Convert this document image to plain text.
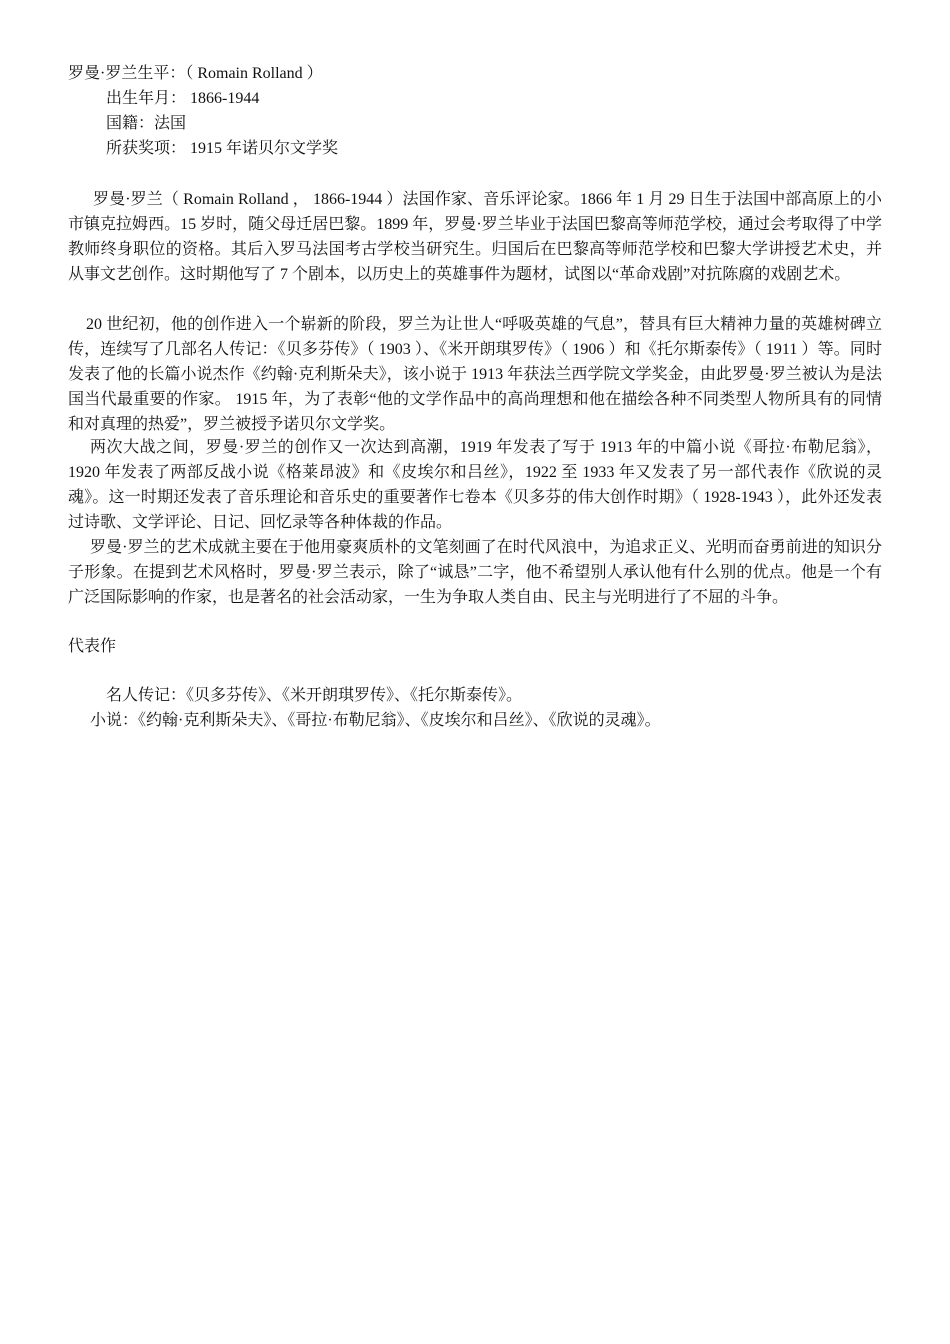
罗曼·罗兰生平：（ Romain Rolland ）
出生年月： 1866-1944
国籍：法国
所获奖项： 1915 年诺贝尔文学奖

罗曼·罗兰（ Romain Rolland ， 1866-1944 ）法国作家、音乐评论家。1866 年 1 月 29 日生于法国中部高原上的小市镇克拉姆西。15 岁时，随父母迁居巴黎。1899 年，罗曼·罗兰毕业于法国巴黎高等师范学校，通过会考取得了中学教师终身职位的资格。其后入罗马法国考古学校当研究生。归国后在巴黎高等师范学校和巴黎大学讲授艺术史，并从事文艺创作。这时期他写了 7 个剧本，以历史上的英雄事件为题材，试图以“革命戏剧”对抗陈腐的戏剧艺术。

20 世纪初，他的创作进入一个崭新的阶段，罗兰为让世人“呼吸英雄的气息”，替具有巨大精神力量的英雄树碑立传，连续写了几部名人传记：《贝多芬传》（ 1903 ）、《米开朗琪罗传》（ 1906 ）和《托尔斯泰传》（ 1911 ）等。同时发表了他的长篇小说杰作《约翰·克利斯朵夫》，该小说于 1913 年获法兰西学院文学奖金，由此罗曼·罗兰被认为是法国当代最重要的作家。 1915 年，为了表彰“他的文学作品中的高尚理想和他在描绘各种不同类型人物所具有的同情和对真理的热爱”，罗兰被授予诺贝尔文学奖。

两次大战之间，罗曼·罗兰的创作又一次达到高潮，1919 年发表了写于 1913 年的中篇小说《哥拉·布勒尼翁》，1920 年发表了两部反战小说《格莱昂波》和《皮埃尔和吕丝》，1922 至 1933 年又发表了另一部代表作《欣说的灵魂》。这一时期还发表了音乐理论和音乐史的重要著作七卷本《贝多芬的伟大创作时期》（ 1928-1943 ），此外还发表过诗歌、文学评论、日记、回忆录等各种体裁的作品。

罗曼·罗兰的艺术成就主要在于他用豪爽质朴的文笔刻画了在时代风浪中，为追求正义、光明而奋勇前进的知识分子形象。在提到艺术风格时，罗曼·罗兰表示，除了“诚恳”二字，他不希望别人承认他有什么别的优点。他是一个有广泛国际影响的作家，也是著名的社会活动家，一生为争取人类自由、民主与光明进行了不屈的斗争。

代表作
名人传记：《贝多芬传》、《米开朗琪罗传》、《托尔斯泰传》。
小说：《约翰·克利斯朵夫》、《哥拉·布勒尼翁》、《皮埃尔和吕丝》、《欣说的灵魂》。
